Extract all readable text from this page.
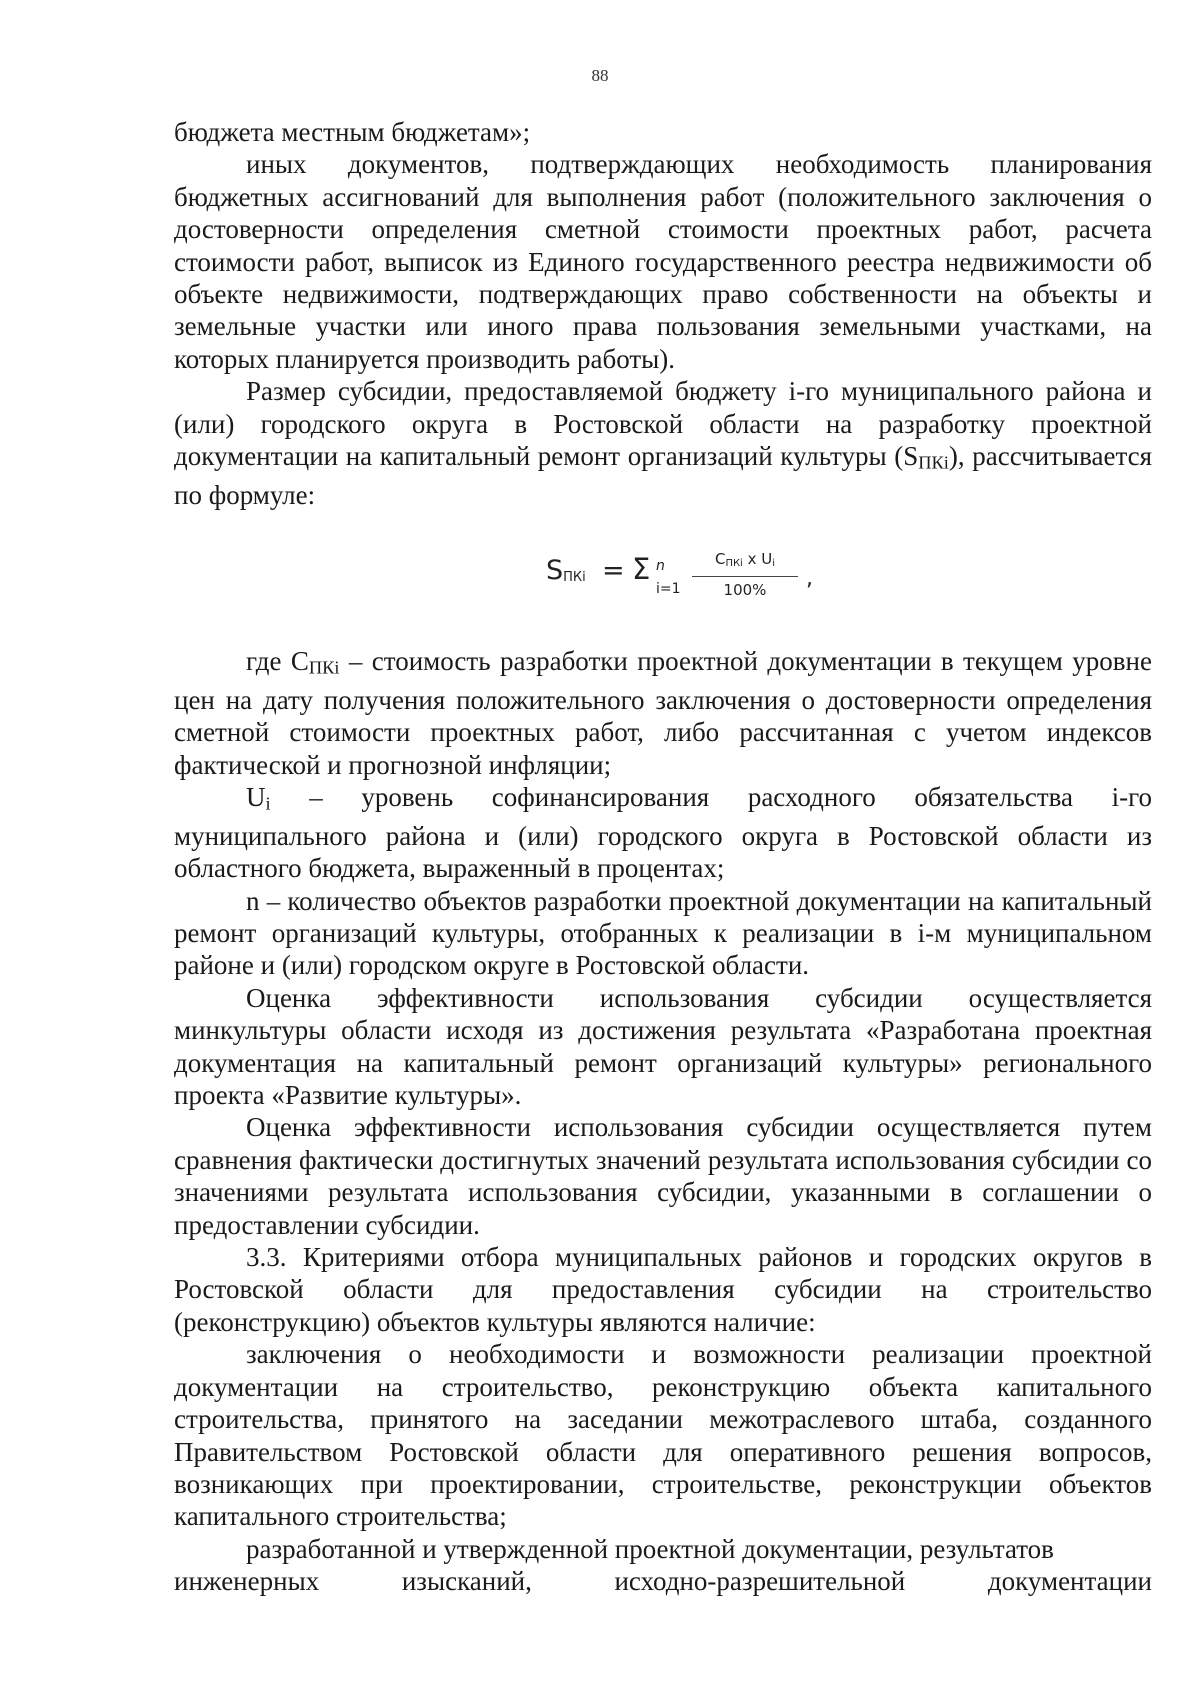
88

бюджета местным бюджетам»;

иных документов, подтверждающих необходимость планирования бюджетных ассигнований для выполнения работ (положительного заключения о достоверности определения сметной стоимости проектных работ, расчета стоимости работ, выписок из Единого государственного реестра недвижимости об объекте недвижимости, подтверждающих право собственности на объекты и земельные участки или иного права пользования земельными участками, на которых планируется производить работы).

Размер субсидии, предоставляемой бюджету i-го муниципального района и (или) городского округа в Ростовской области на разработку проектной документации на капитальный ремонт организаций культуры (SПКi), рассчитывается по формуле:

SПКi = Σ n
i=1
CПКi x Ui
100%	,

где СПКi – стоимость разработки проектной документации в текущем уровне цен на дату получения положительного заключения о достоверности определения сметной стоимости проектных работ, либо рассчитанная с учетом индексов фактической и прогнозной инфляции;

Ui – уровень софинансирования расходного обязательства i-го муниципального района и (или) городского округа в Ростовской области из областного бюджета, выраженный в процентах;

n – количество объектов разработки проектной документации на капитальный ремонт организаций культуры, отобранных к реализации в i-м муниципальном районе и (или) городском округе в Ростовской области.

Оценка эффективности использования субсидии осуществляется минкультуры области исходя из достижения результата «Разработана проектная документация на капитальный ремонт организаций культуры» регионального проекта «Развитие культуры».

Оценка эффективности использования субсидии осуществляется путем сравнения фактически достигнутых значений результата использования субсидии со значениями результата использования субсидии, указанными в соглашении о предоставлении субсидии.

3.3. Критериями отбора муниципальных районов и городских округов в Ростовской области для предоставления субсидии на строительство (реконструкцию) объектов культуры являются наличие:

заключения о необходимости и возможности реализации проектной документации на строительство, реконструкцию объекта капитального строительства, принятого на заседании межотраслевого штаба, созданного Правительством Ростовской области для оперативного решения вопросов, возникающих при проектировании, строительстве, реконструкции объектов капитального строительства;

разработанной и утвержденной проектной документации, результатов
инженерных	изысканий,	исходно-разрешительной	документации
